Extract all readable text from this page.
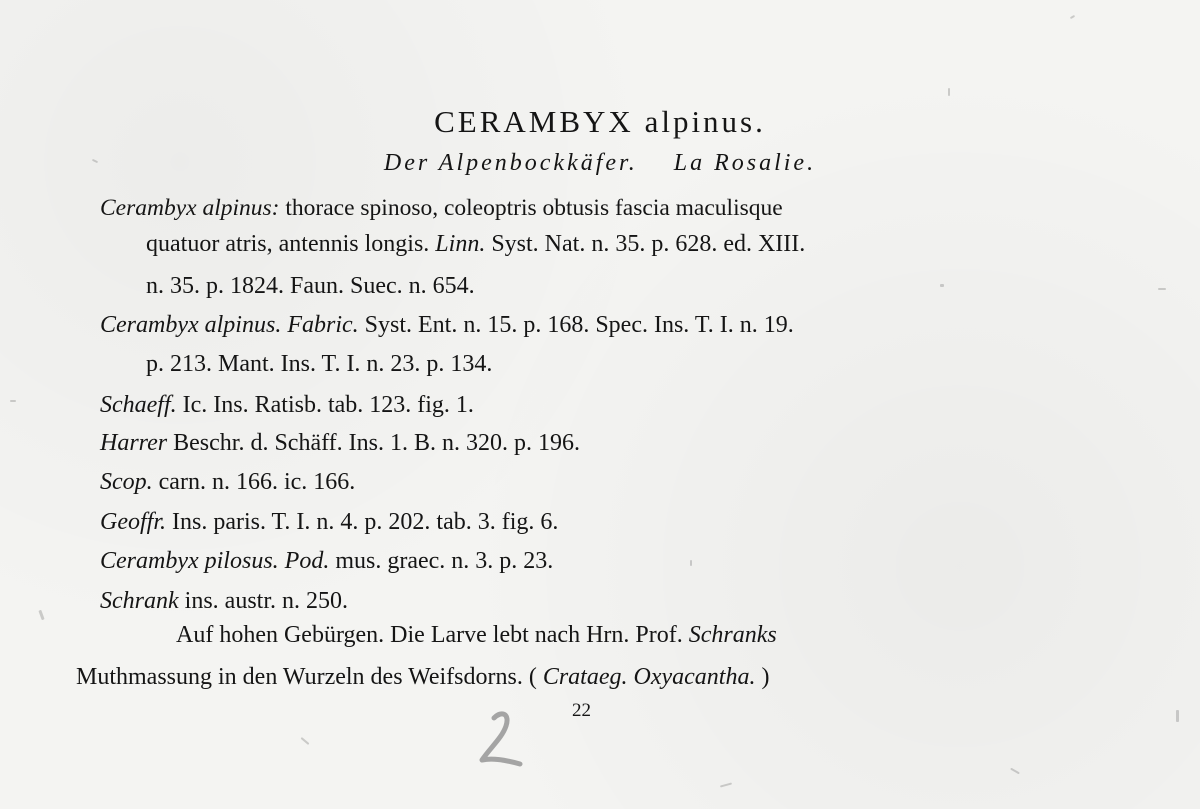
CERAMBYX alpinus.

Der Alpenbockkäfer. La Rosalie.

Cerambyx alpinus: thorace spinoso, coleoptris obtusis fascia maculisque

quatuor atris, antennis longis. Linn. Syst. Nat. n. 35. p. 628. ed. XIII.

n. 35. p. 1824. Faun. Suec. n. 654.

Cerambyx alpinus. Fabric. Syst. Ent. n. 15. p. 168. Spec. Ins. T. I. n. 19.

p. 213. Mant. Ins. T. I. n. 23. p. 134.

Schaeff. Ic. Ins. Ratisb. tab. 123. fig. 1.

Harrer Beschr. d. Schäff. Ins. 1. B. n. 320. p. 196.

Scop. carn. n. 166. ic. 166.

Geoffr. Ins. paris. T. I. n. 4. p. 202. tab. 3. fig. 6.

Cerambyx pilosus. Pod. mus. graec. n. 3. p. 23.

Schrank ins. austr. n. 250.

Auf hohen Gebürgen. Die Larve lebt nach Hrn. Prof. Schranks

Muthmassung in den Wurzeln des Weifsdorns. ( Crataeg. Oxyacantha. )

22
